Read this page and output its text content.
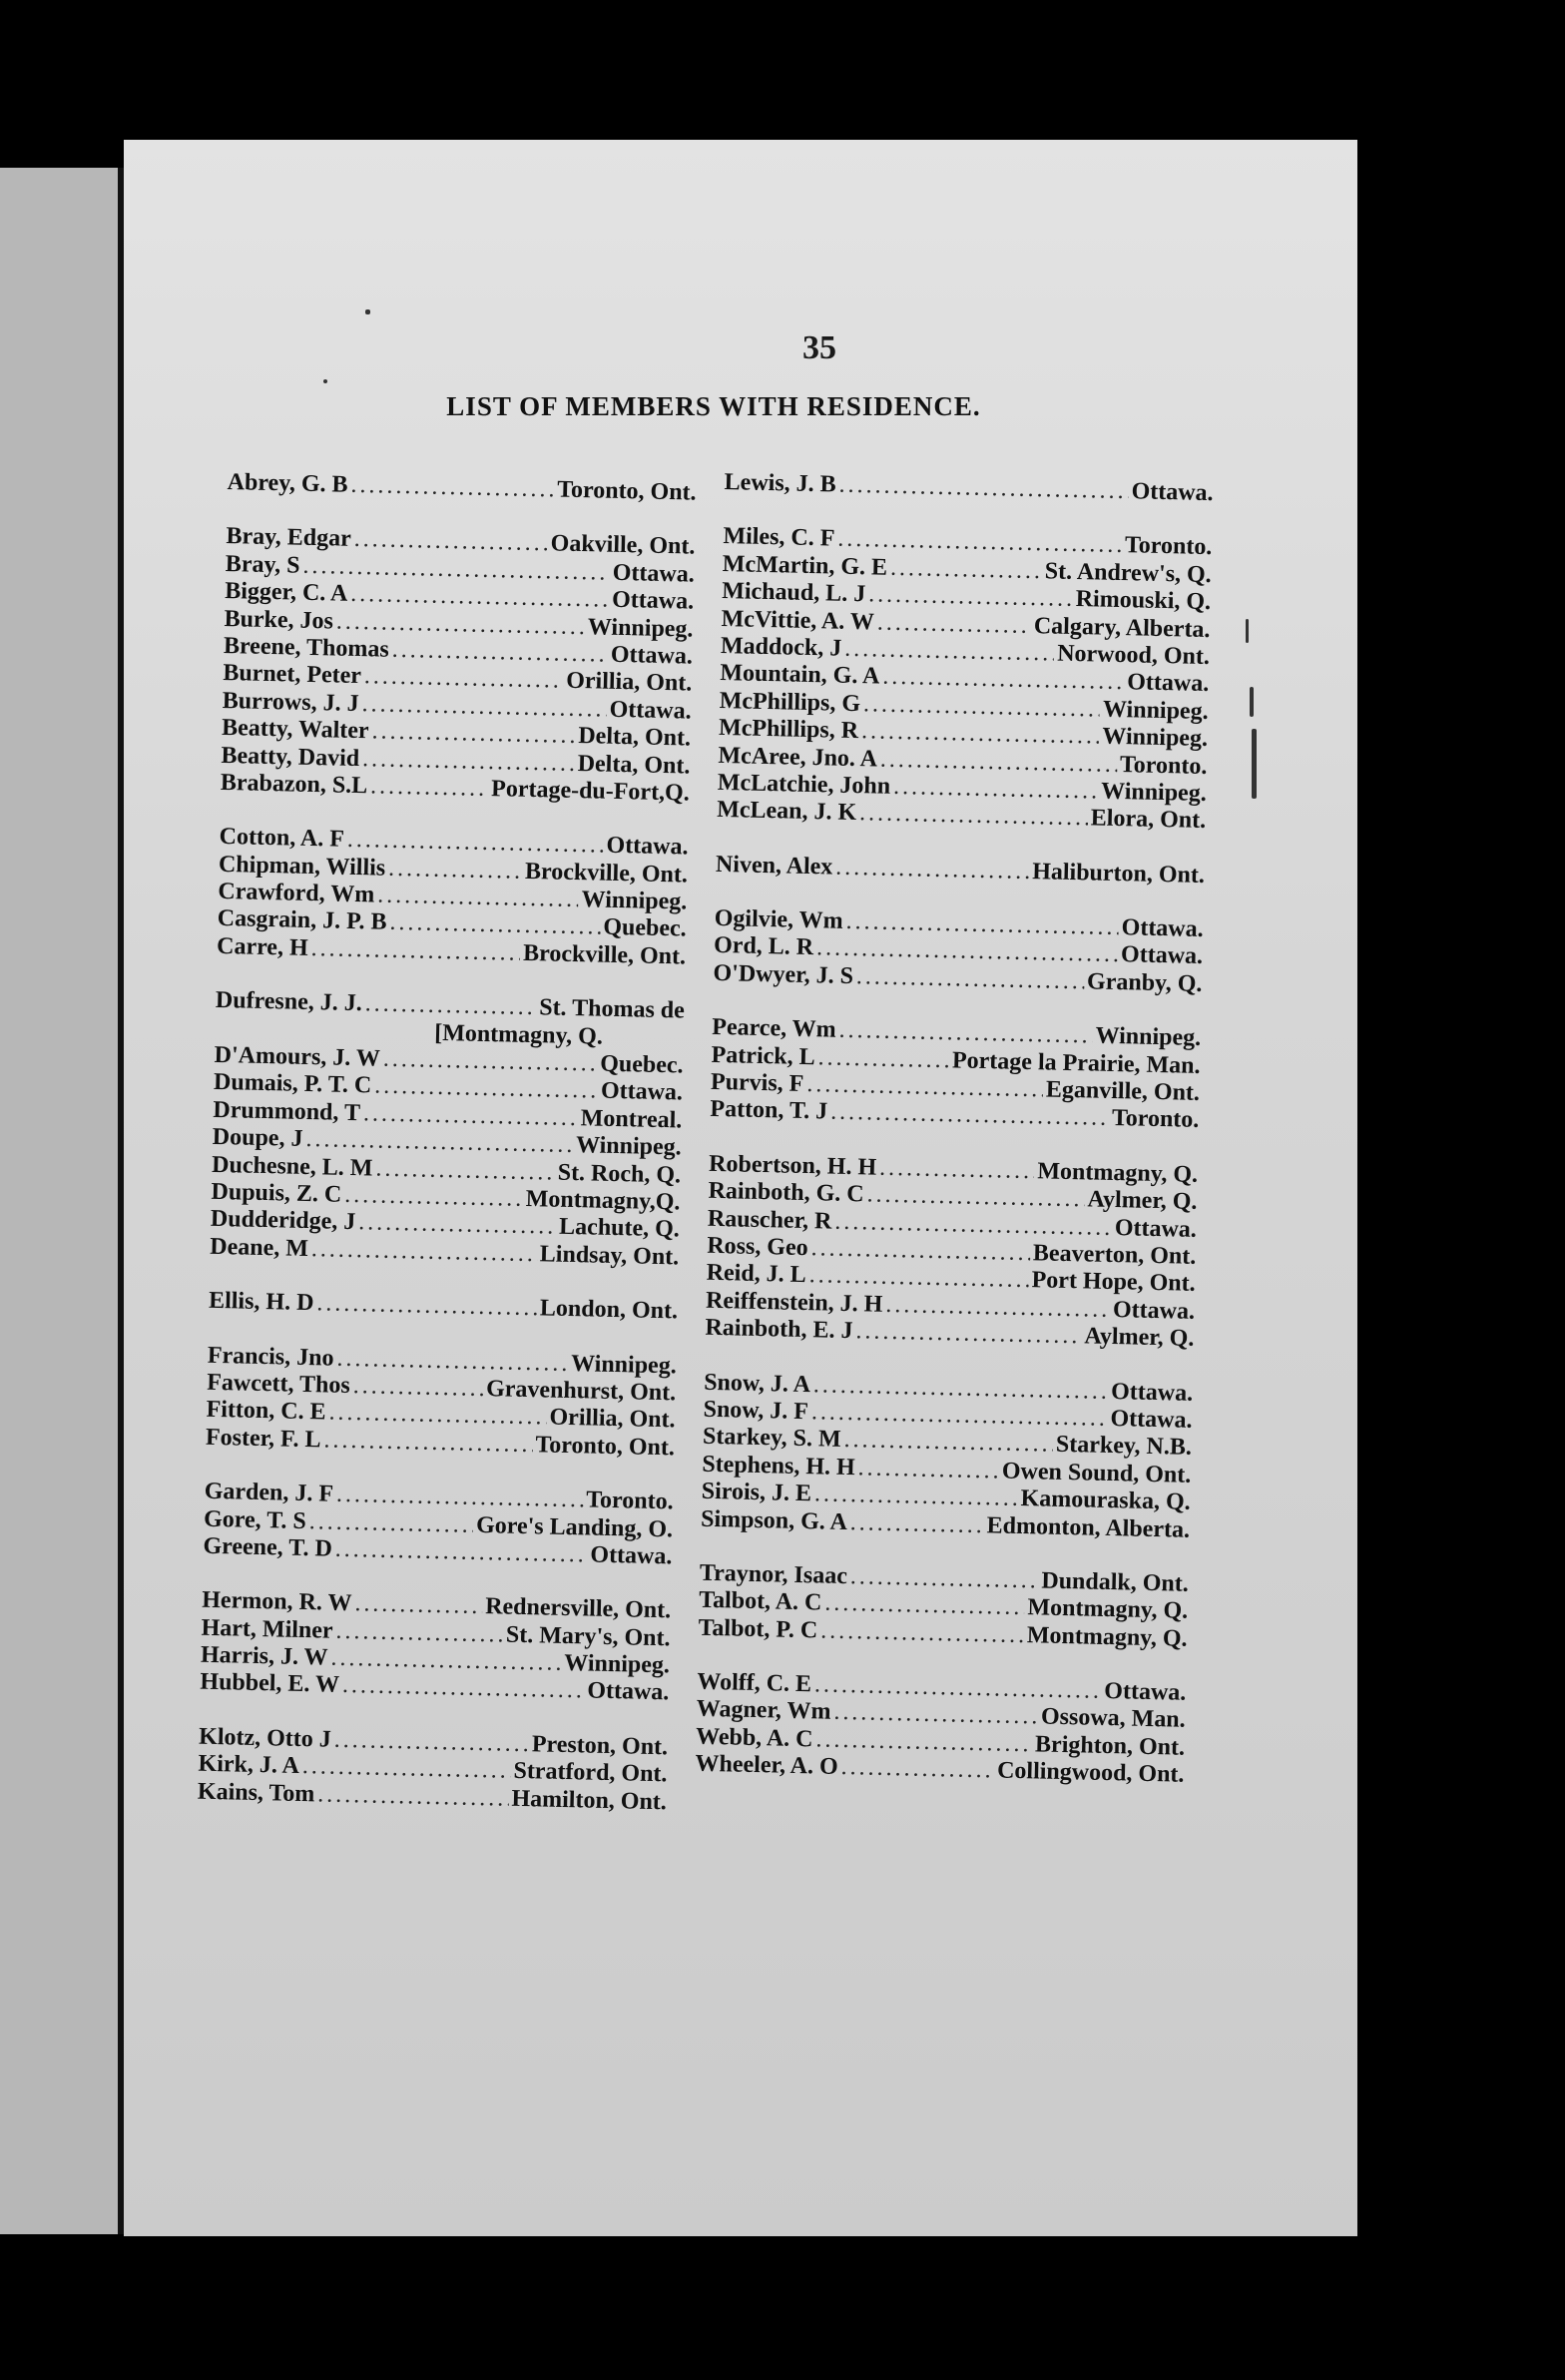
35
LIST OF MEMBERS WITH RESIDENCE.
Abrey, G. B .....	Toronto, Ont.
Bray, Edgar .....	Oakville, Ont.
Bray, S .....	Ottawa.
Bigger, C. A .....	Ottawa.
Burke, Jos .....	Winnipeg.
Breene, Thomas .....	Ottawa.
Burnet, Peter .....	Orillia, Ont.
Burrows, J. J .....	Ottawa.
Beatty, Walter .....	Delta, Ont.
Beatty, David .....	Delta, Ont.
Brabazon, S.L .....	Portage-du-Fort,Q.
Cotton, A. F .....	Ottawa.
Chipman, Willis .....	Brockville, Ont.
Crawford, Wm .....	Winnipeg.
Casgrain, J. P. B .....	Quebec.
Carre, H .....	Brockville, Ont.
Dufresne, J. J. .....	St. Thomas de
[Montmagny, Q.
D'Amours, J. W .....	Quebec.
Dumais, P. T. C .....	Ottawa.
Drummond, T .....	Montreal.
Doupe, J .....	Winnipeg.
Duchesne, L. M .....	St. Roch, Q.
Dupuis, Z. C .....	Montmagny,Q.
Dudderidge, J .....	Lachute, Q.
Deane, M .....	Lindsay, Ont.
Ellis, H. D .....	London, Ont.
Francis, Jno .....	Winnipeg.
Fawcett, Thos .....	Gravenhurst, Ont.
Fitton, C. E .....	Orillia, Ont.
Foster, F. L .....	Toronto, Ont.
Garden, J. F .....	Toronto.
Gore, T. S .....	Gore's Landing, O.
Greene, T. D .....	Ottawa.
Hermon, R. W .....	Rednersville, Ont.
Hart, Milner .....	St. Mary's, Ont.
Harris, J. W .....	Winnipeg.
Hubbel, E. W .....	Ottawa.
Klotz, Otto J .....	Preston, Ont.
Kirk, J. A .....	Stratford, Ont.
Kains, Tom .....	Hamilton, Ont.
Lewis, J. B .....	Ottawa.
Miles, C. F .....	Toronto.
McMartin, G. E .....	St. Andrew's, Q.
Michaud, L. J .....	Rimouski, Q.
McVittie, A. W .....	Calgary, Alberta.
Maddock, J .....	Norwood, Ont.
Mountain, G. A .....	Ottawa.
McPhillips, G .....	Winnipeg.
McPhillips, R .....	Winnipeg.
McAree, Jno. A .....	Toronto.
McLatchie, John .....	Winnipeg.
McLean, J. K .....	Elora, Ont.
Niven, Alex .....	Haliburton, Ont.
Ogilvie, Wm .....	Ottawa.
Ord, L. R .....	Ottawa.
O'Dwyer, J. S .....	Granby, Q.
Pearce, Wm .....	Winnipeg.
Patrick, L .....	Portage la Prairie, Man.
Purvis, F .....	Eganville, Ont.
Patton, T. J .....	Toronto.
Robertson, H. H .....	Montmagny, Q.
Rainboth, G. C .....	Aylmer, Q.
Rauscher, R .....	Ottawa.
Ross, Geo .....	Beaverton, Ont.
Reid, J. L .....	Port Hope, Ont.
Reiffenstein, J. H .....	Ottawa.
Rainboth, E. J .....	Aylmer, Q.
Snow, J. A .....	Ottawa.
Snow, J. F .....	Ottawa.
Starkey, S. M .....	Starkey, N.B.
Stephens, H. H .....	Owen Sound, Ont.
Sirois, J. E .....	Kamouraska, Q.
Simpson, G. A .....	Edmonton, Alberta.
Traynor, Isaac .....	Dundalk, Ont.
Talbot, A. C .....	Montmagny, Q.
Talbot, P. C .....	Montmagny, Q.
Wolff, C. E .....	Ottawa.
Wagner, Wm .....	Ossowa, Man.
Webb, A. C .....	Brighton, Ont.
Wheeler, A. O .....	Collingwood, Ont.
